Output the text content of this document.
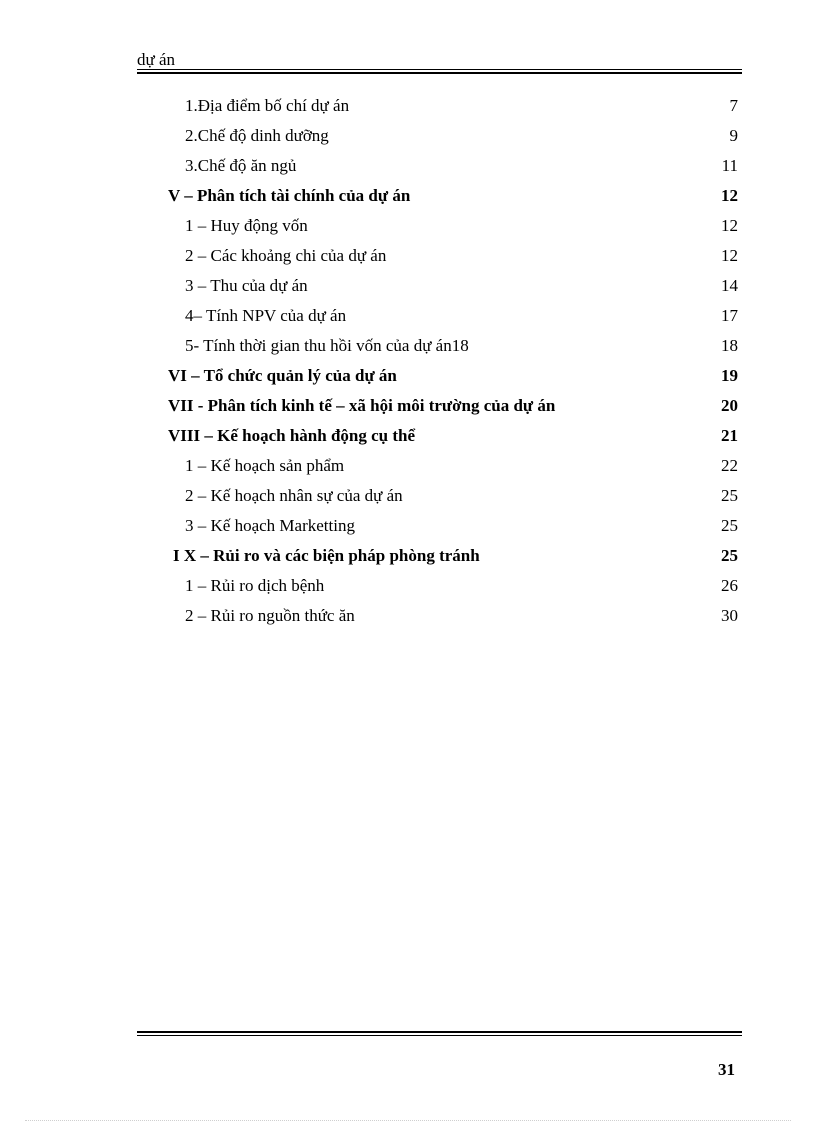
dự án
1.Địa điểm bố chí dự án	7
2.Chế độ dinh dưỡng	9
3.Chế độ ăn ngủ	11
V – Phân tích tài chính của dự án	12
1 – Huy động vốn	12
2 – Các khoảng chi của dự án	12
3 – Thu của dự án	14
4– Tính NPV của dự án	17
5- Tính thời gian thu hồi vốn của dự án18	18
VI – Tổ chức quản lý của dự án	19
VII - Phân tích kinh tế – xã hội môi trường của dự án	20
VIII – Kế hoạch hành động cụ thể	21
1 – Kế hoạch sản phẩm	22
2 – Kế hoạch nhân sự của dự án	25
3 – Kế hoạch Marketting	25
I X – Rủi ro và các biện pháp phòng tránh	25
1 – Rủi ro dịch bệnh	26
2 – Rủi ro nguồn thức ăn	30
31
